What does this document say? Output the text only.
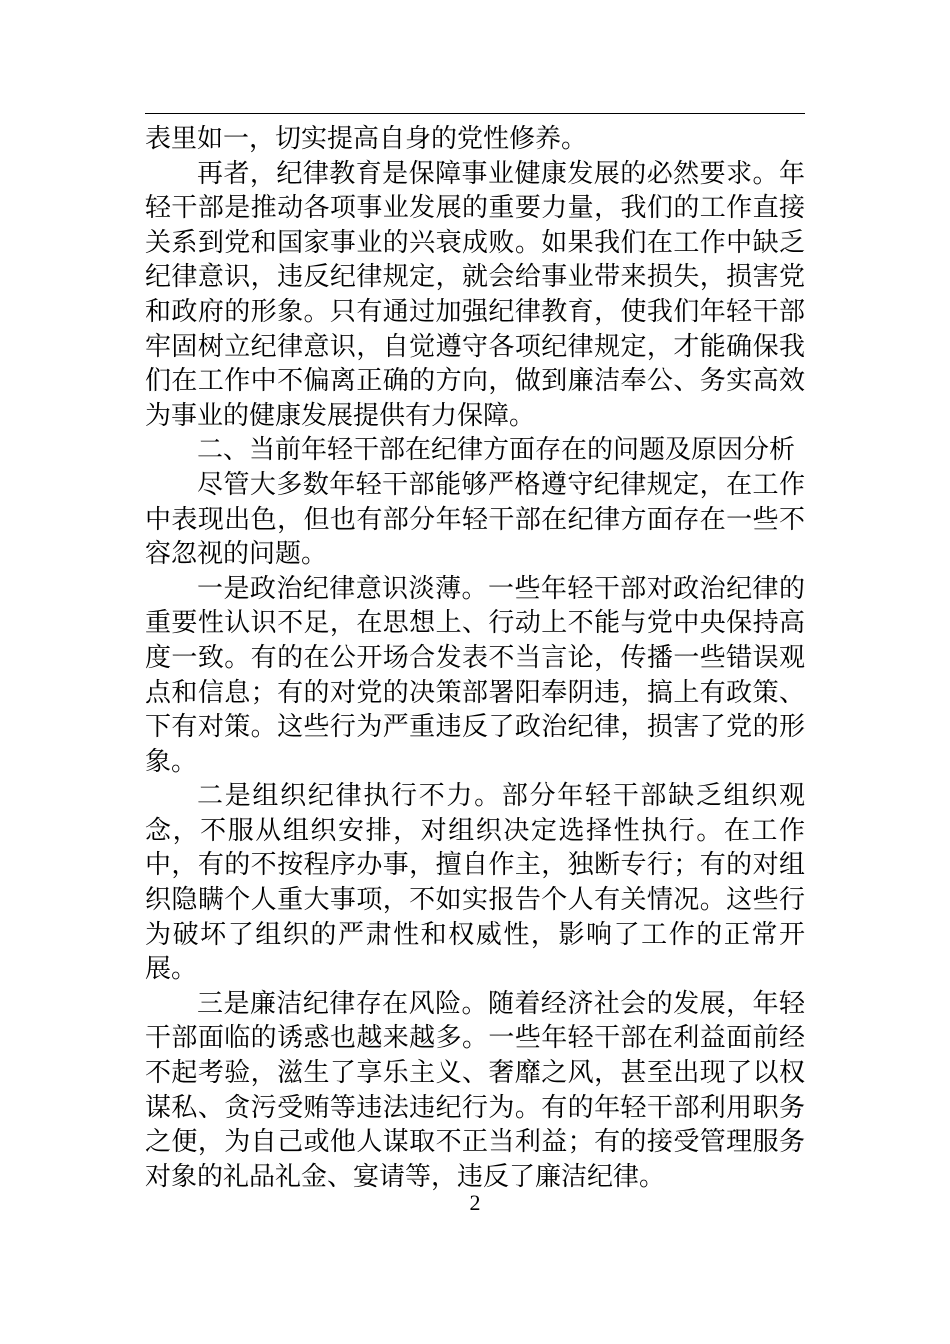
表里如一，切实提高自身的党性修养。

再者，纪律教育是保障事业健康发展的必然要求。年轻干部是推动各项事业发展的重要力量，我们的工作直接关系到党和国家事业的兴衰成败。如果我们在工作中缺乏纪律意识，违反纪律规定，就会给事业带来损失，损害党和政府的形象。只有通过加强纪律教育，使我们年轻干部牢固树立纪律意识，自觉遵守各项纪律规定，才能确保我们在工作中不偏离正确的方向，做到廉洁奉公、务实高效为事业的健康发展提供有力保障。

二、当前年轻干部在纪律方面存在的问题及原因分析

尽管大多数年轻干部能够严格遵守纪律规定，在工作中表现出色，但也有部分年轻干部在纪律方面存在一些不容忽视的问题。

一是政治纪律意识淡薄。一些年轻干部对政治纪律的重要性认识不足，在思想上、行动上不能与党中央保持高度一致。有的在公开场合发表不当言论，传播一些错误观点和信息；有的对党的决策部署阳奉阴违，搞上有政策、下有对策。这些行为严重违反了政治纪律，损害了党的形象。

二是组织纪律执行不力。部分年轻干部缺乏组织观念，不服从组织安排，对组织决定选择性执行。在工作中，有的不按程序办事，擅自作主，独断专行；有的对组织隐瞒个人重大事项，不如实报告个人有关情况。这些行为破坏了组织的严肃性和权威性，影响了工作的正常开展。

三是廉洁纪律存在风险。随着经济社会的发展，年轻干部面临的诱惑也越来越多。一些年轻干部在利益面前经不起考验，滋生了享乐主义、奢靡之风，甚至出现了以权谋私、贪污受贿等违法违纪行为。有的年轻干部利用职务之便，为自己或他人谋取不正当利益；有的接受管理服务对象的礼品礼金、宴请等，违反了廉洁纪律。

2
